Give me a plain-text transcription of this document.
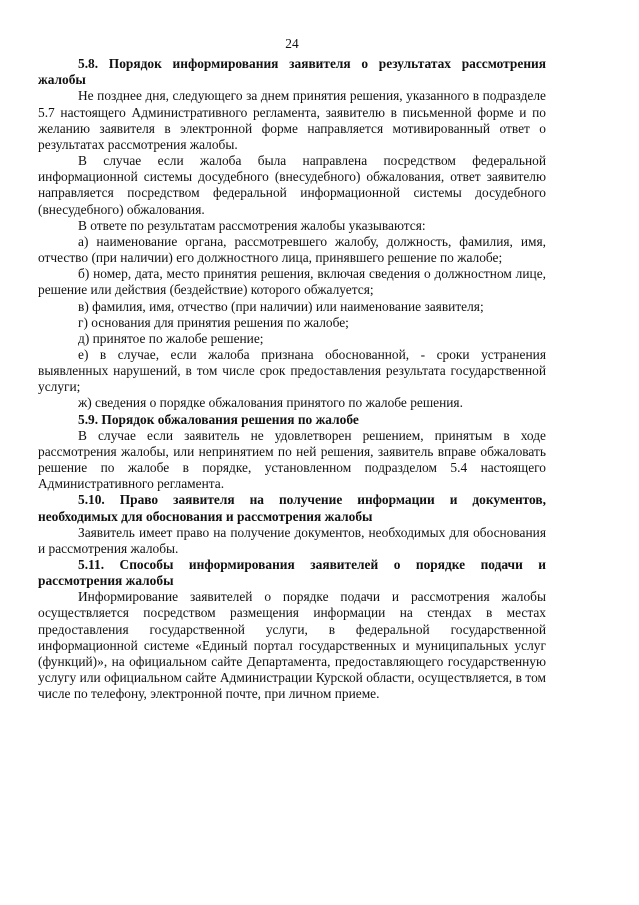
24
5.8. Порядок информирования заявителя о результатах рассмотрения жалобы
Не позднее дня, следующего за днем принятия решения, указанного в подразделе 5.7 настоящего Административного регламента, заявителю в письменной форме и по желанию заявителя в электронной форме направляется мотивированный ответ о результатах рассмотрения жалобы.
В случае если жалоба была направлена посредством федеральной информационной системы досудебного (внесудебного) обжалования, ответ заявителю направляется посредством федеральной информационной системы досудебного (внесудебного) обжалования.
В ответе по результатам рассмотрения жалобы указываются:
а) наименование органа, рассмотревшего жалобу, должность, фамилия, имя, отчество (при наличии) его должностного лица, принявшего решение по жалобе;
б) номер, дата, место принятия решения, включая сведения о должностном лице, решение или действия (бездействие) которого обжалуется;
в) фамилия, имя, отчество (при наличии) или наименование заявителя;
г) основания для принятия решения по жалобе;
д) принятое по жалобе решение;
е) в случае, если жалоба признана обоснованной, - сроки устранения выявленных нарушений, в том числе срок предоставления результата государственной услуги;
ж) сведения о порядке обжалования принятого по жалобе решения.
5.9. Порядок обжалования решения по жалобе
В случае если заявитель не удовлетворен решением, принятым в ходе рассмотрения жалобы, или непринятием по ней решения, заявитель вправе обжаловать решение по жалобе в порядке, установленном подразделом 5.4 настоящего Административного регламента.
5.10. Право заявителя на получение информации и документов, необходимых для обоснования и рассмотрения жалобы
Заявитель имеет право на получение документов, необходимых для обоснования и рассмотрения жалобы.
5.11. Способы информирования заявителей о порядке подачи и рассмотрения жалобы
Информирование заявителей о порядке подачи и рассмотрения жалобы осуществляется посредством размещения информации на стендах в местах предоставления государственной услуги, в федеральной государственной информационной системе «Единый портал государственных и муниципальных услуг (функций)», на официальном сайте Департамента, предоставляющего государственную услугу или официальном сайте Администрации Курской области, осуществляется, в том числе по телефону, электронной почте, при личном приеме.
